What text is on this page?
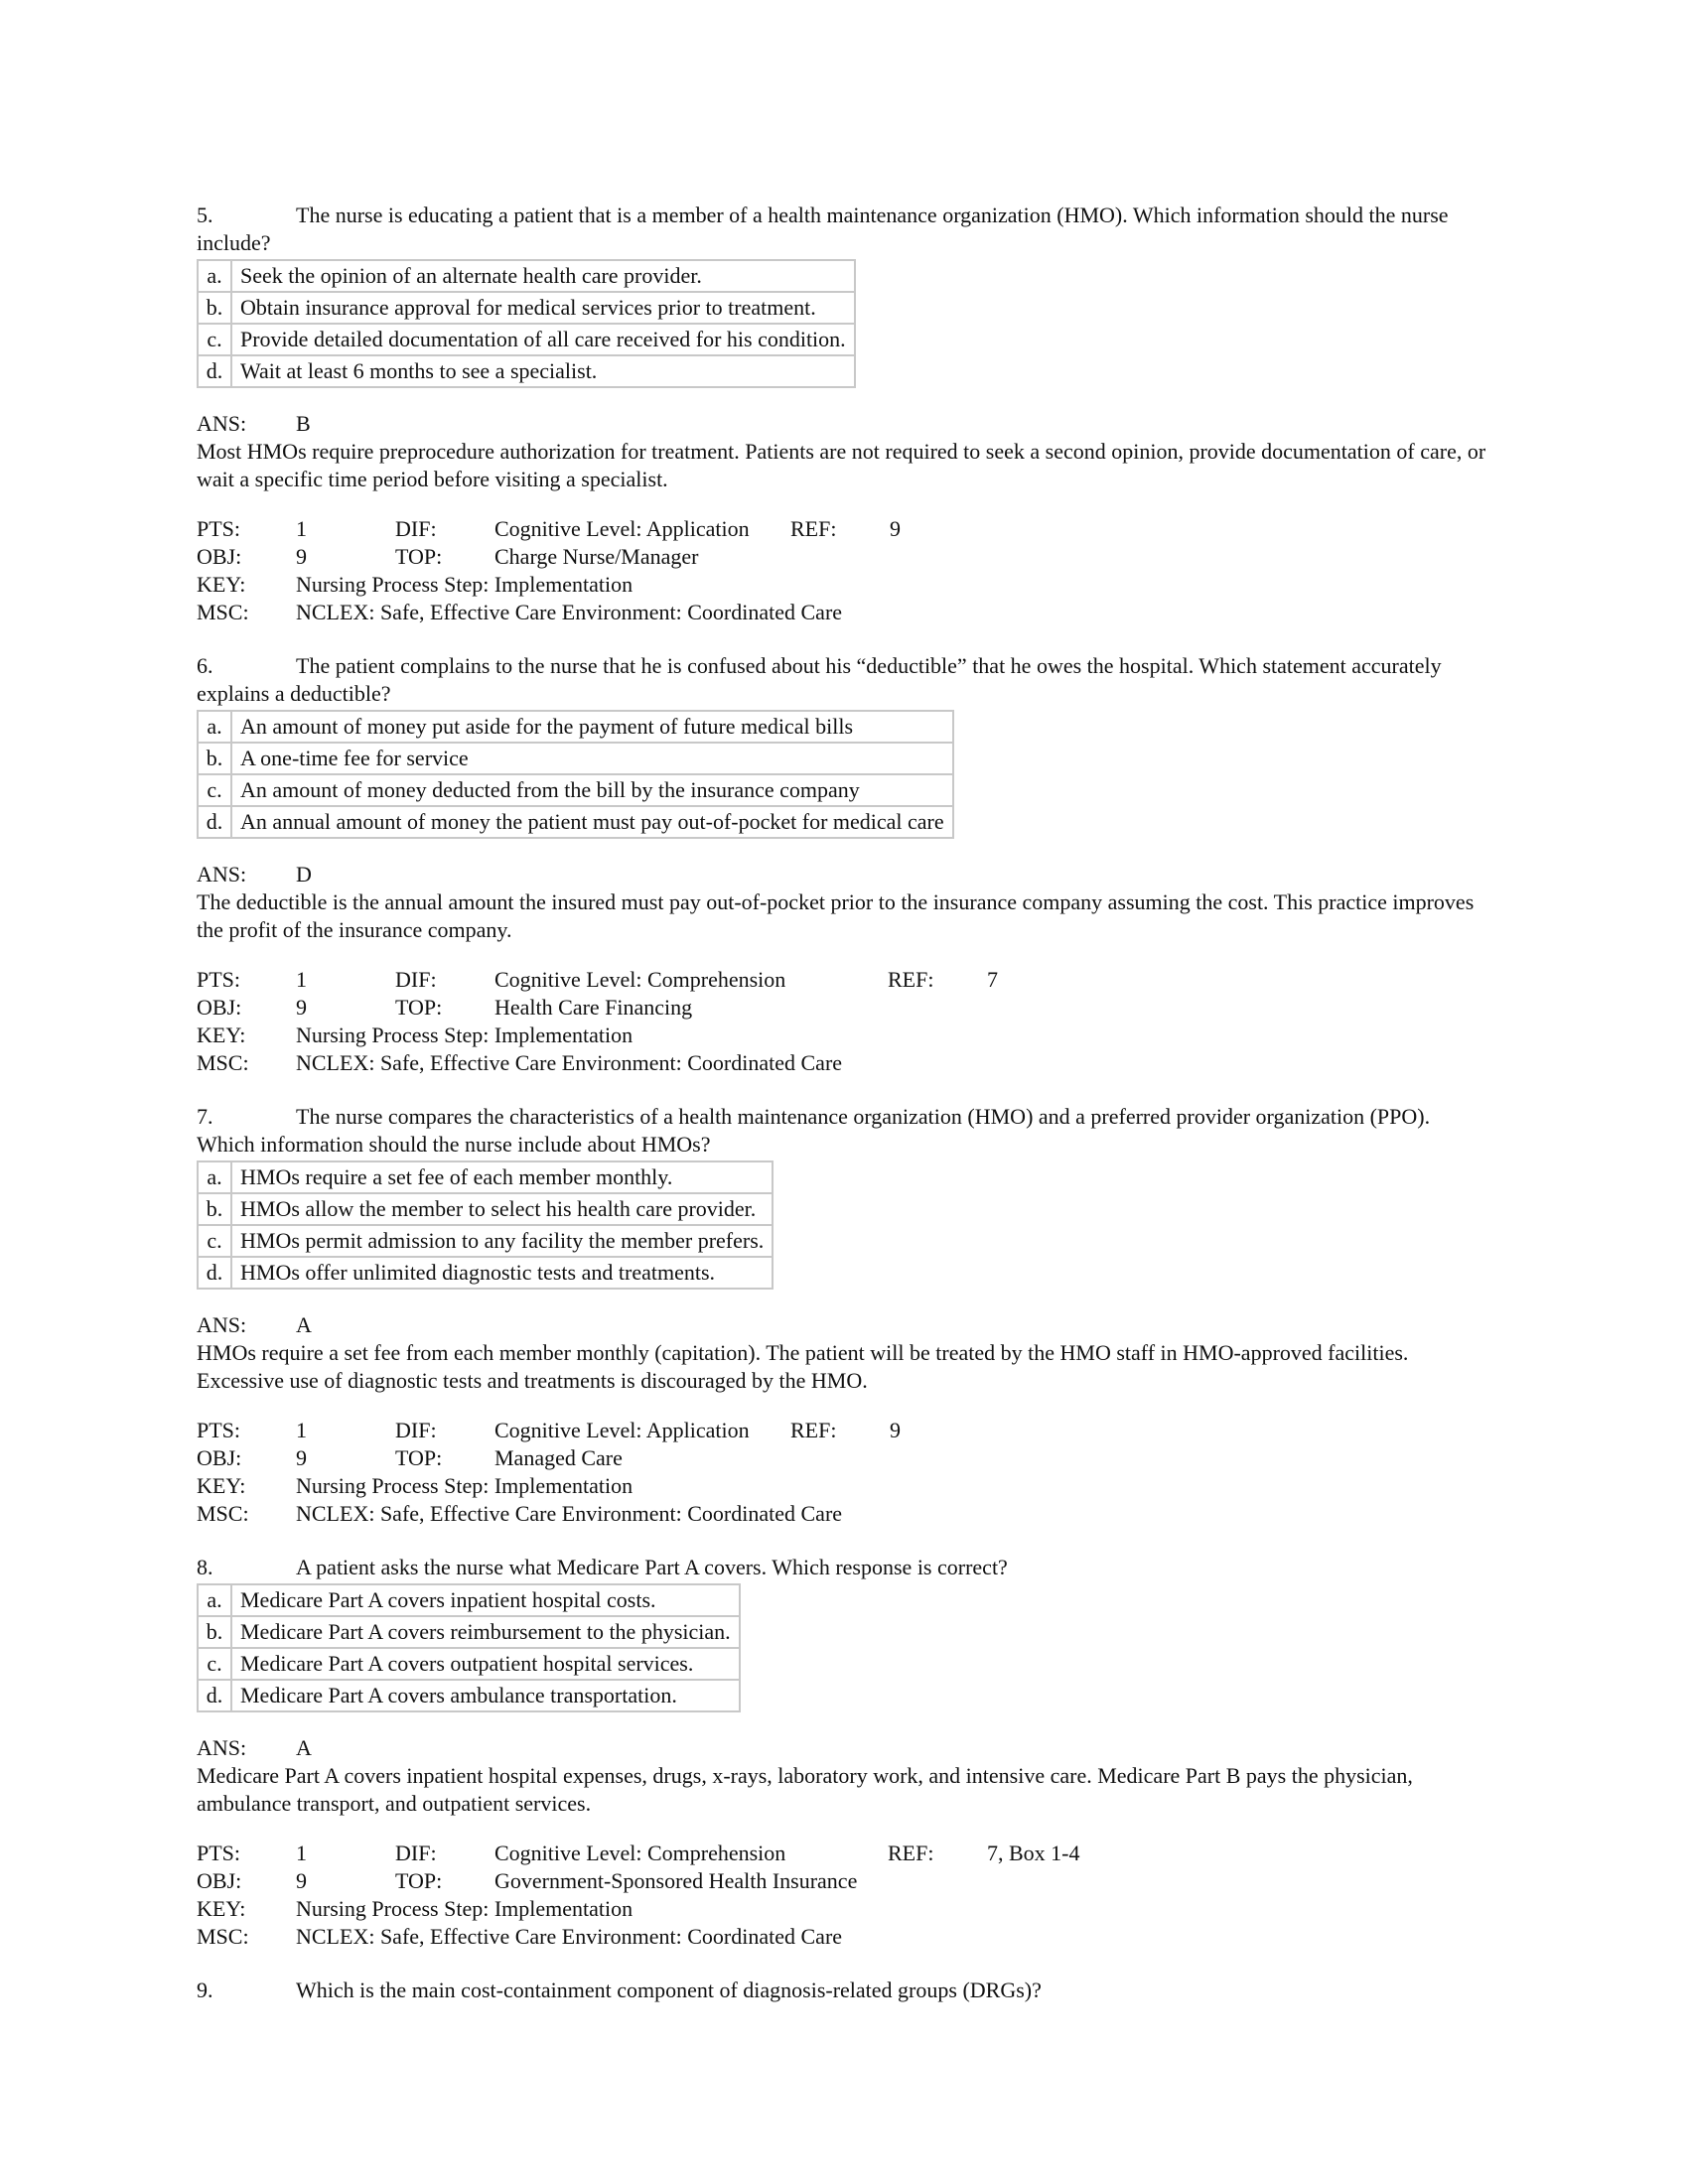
5.	The nurse is educating a patient that is a member of a health maintenance organization (HMO). Which information should the nurse include?
a.	Seek the opinion of an alternate health care provider.
b.	Obtain insurance approval for medical services prior to treatment.
c.	Provide detailed documentation of all care received for his condition.
d.	Wait at least 6 months to see a specialist.
ANS: B
Most HMOs require preprocedure authorization for treatment. Patients are not required to seek a second opinion, provide documentation of care, or wait a specific time period before visiting a specialist.
PTS:	1	DIF:	Cognitive Level: Application	REF:	9
OBJ:	9	TOP:	Charge Nurse/Manager		
KEY:	Nursing Process Step: Implementation				
MSC:	NCLEX: Safe, Effective Care Environment: Coordinated Care				
6.	The patient complains to the nurse that he is confused about his “deductible” that he owes the hospital. Which statement accurately explains a deductible?
a.	An amount of money put aside for the payment of future medical bills
b.	A one-time fee for service
c.	An amount of money deducted from the bill by the insurance company
d.	An annual amount of money the patient must pay out-of-pocket for medical care
ANS: D
The deductible is the annual amount the insured must pay out-of-pocket prior to the insurance company assuming the cost. This practice improves the profit of the insurance company.
PTS:	1	DIF:	Cognitive Level: Comprehension	REF:	7
OBJ:	9	TOP:	Health Care Financing		
KEY:	Nursing Process Step: Implementation				
MSC:	NCLEX: Safe, Effective Care Environment: Coordinated Care				
7.	The nurse compares the characteristics of a health maintenance organization (HMO) and a preferred provider organization (PPO). Which information should the nurse include about HMOs?
a.	HMOs require a set fee of each member monthly.
b.	HMOs allow the member to select his health care provider.
c.	HMOs permit admission to any facility the member prefers.
d.	HMOs offer unlimited diagnostic tests and treatments.
ANS: A
HMOs require a set fee from each member monthly (capitation). The patient will be treated by the HMO staff in HMO-approved facilities. Excessive use of diagnostic tests and treatments is discouraged by the HMO.
PTS:	1	DIF:	Cognitive Level: Application	REF:	9
OBJ:	9	TOP:	Managed Care		
KEY:	Nursing Process Step: Implementation				
MSC:	NCLEX: Safe, Effective Care Environment: Coordinated Care				
8.	A patient asks the nurse what Medicare Part A covers. Which response is correct?
a.	Medicare Part A covers inpatient hospital costs.
b.	Medicare Part A covers reimbursement to the physician.
c.	Medicare Part A covers outpatient hospital services.
d.	Medicare Part A covers ambulance transportation.
ANS: A
Medicare Part A covers inpatient hospital expenses, drugs, x-rays, laboratory work, and intensive care. Medicare Part B pays the physician, ambulance transport, and outpatient services.
PTS:	1	DIF:	Cognitive Level: Comprehension	REF:	7, Box 1-4
OBJ:	9	TOP:	Government-Sponsored Health Insurance		
KEY:	Nursing Process Step: Implementation				
MSC:	NCLEX: Safe, Effective Care Environment: Coordinated Care				
9.	Which is the main cost-containment component of diagnosis-related groups (DRGs)?
